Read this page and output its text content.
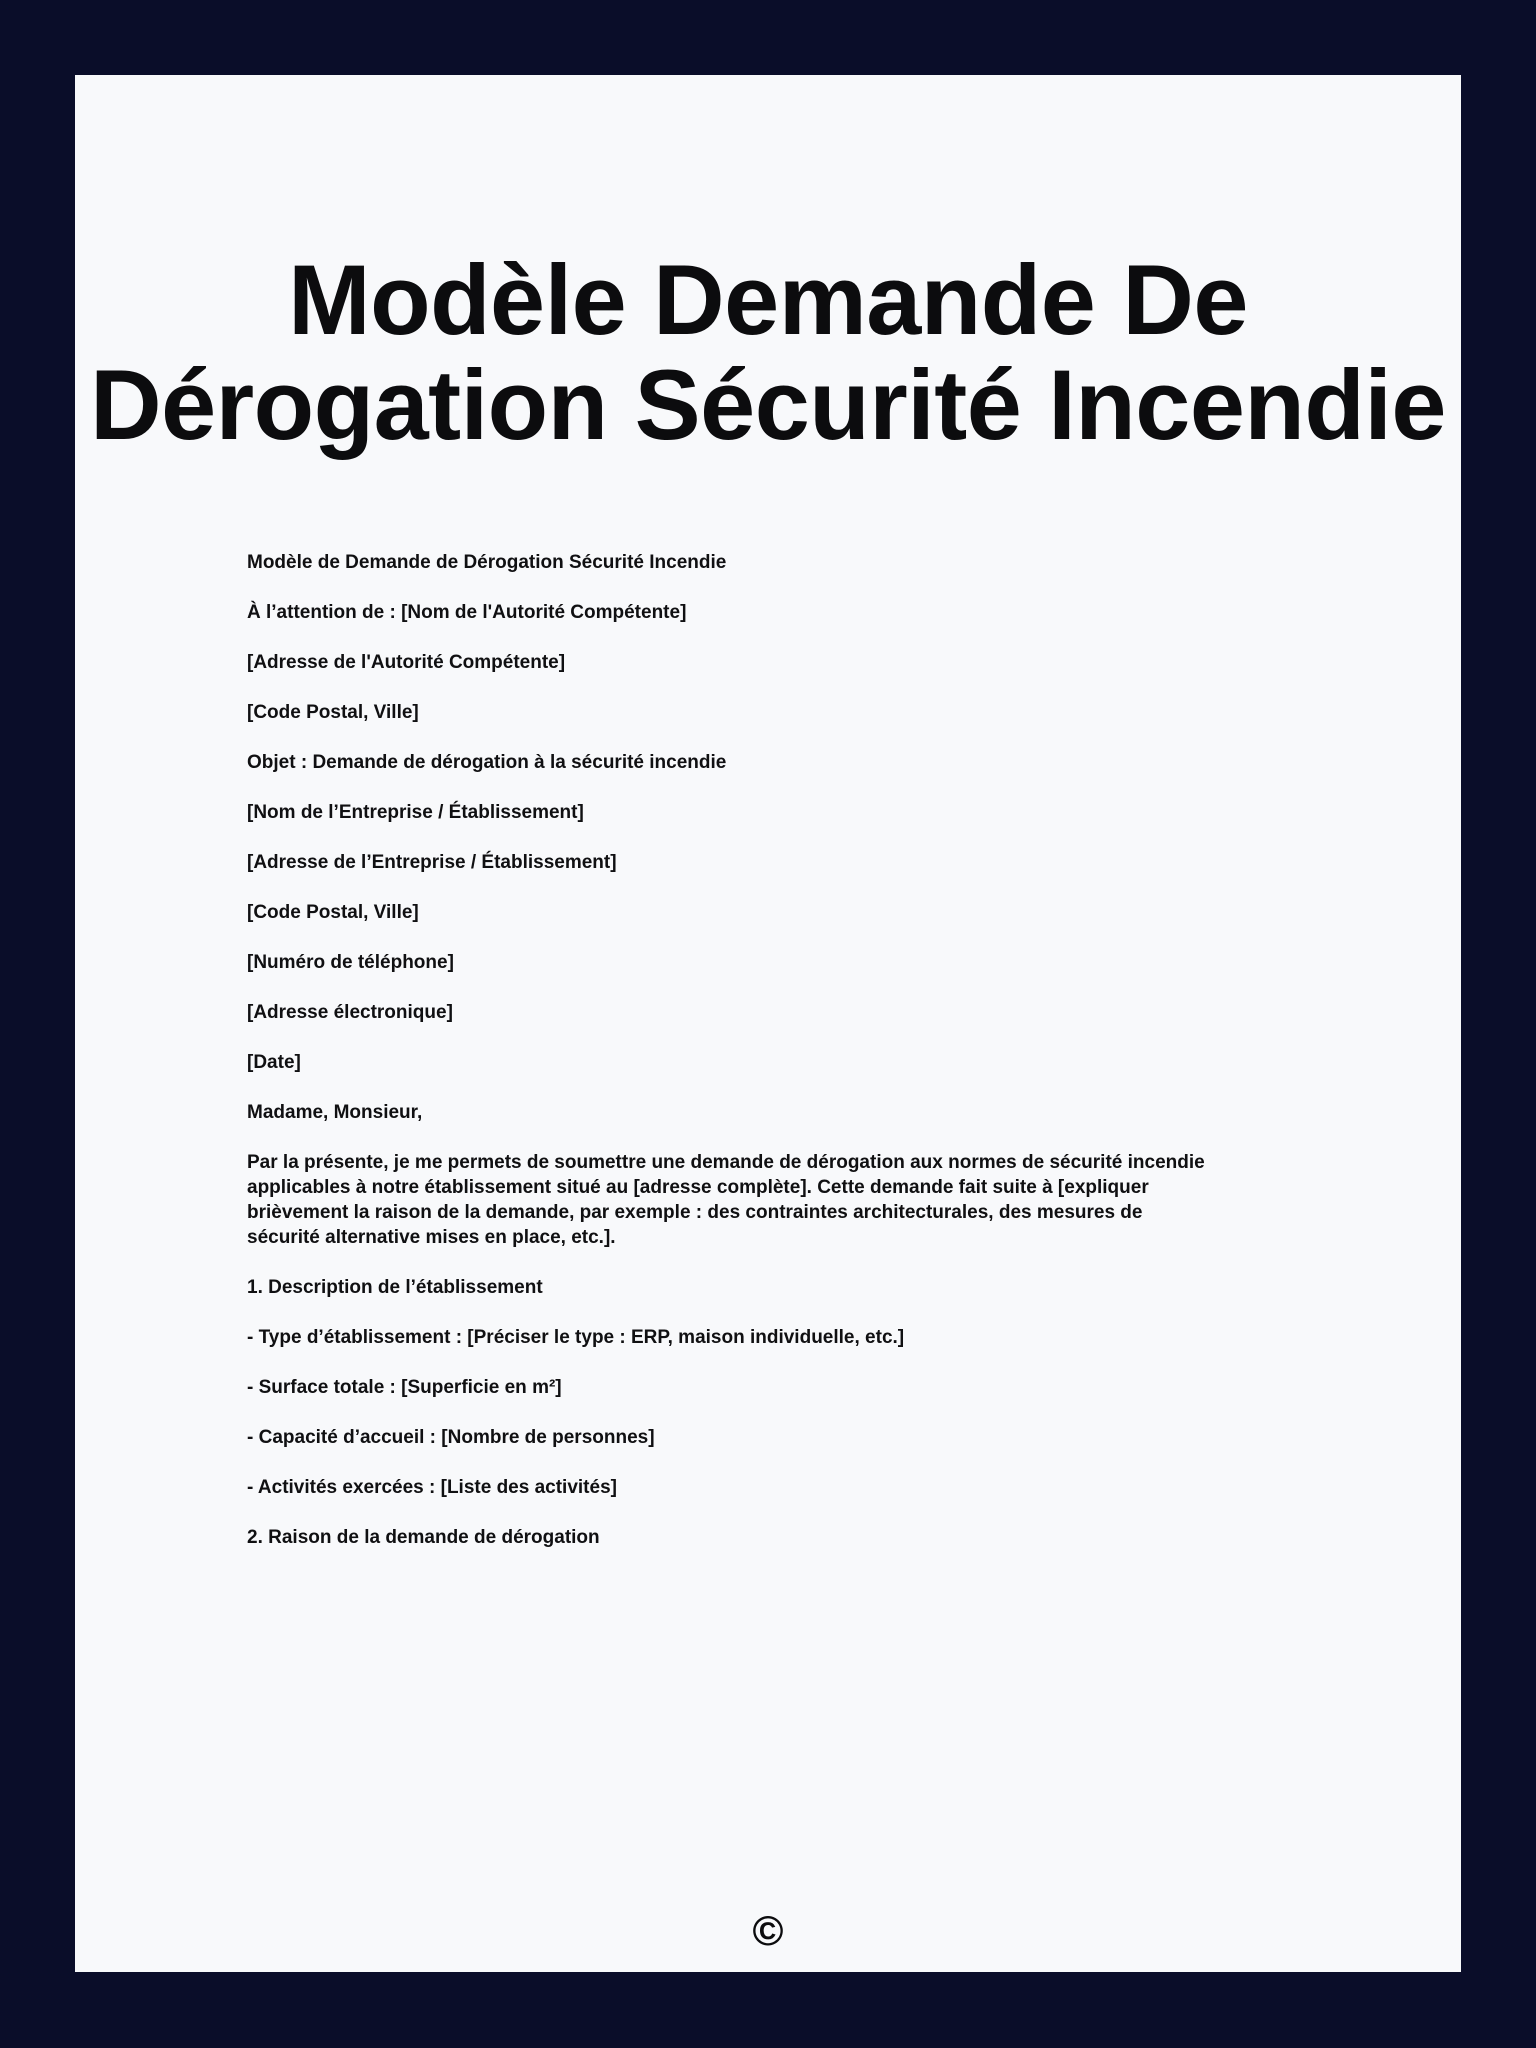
Modèle Demande De
Dérogation Sécurité Incendie

Modèle de Demande de Dérogation Sécurité Incendie

À l’attention de : [Nom de l'Autorité Compétente]

[Adresse de l'Autorité Compétente]

[Code Postal, Ville]

Objet : Demande de dérogation à la sécurité incendie

[Nom de l’Entreprise / Établissement]

[Adresse de l’Entreprise / Établissement]

[Code Postal, Ville]

[Numéro de téléphone]

[Adresse électronique]

[Date]

Madame, Monsieur,

Par la présente, je me permets de soumettre une demande de dérogation aux normes de sécurité incendie
applicables à notre établissement situé au [adresse complète]. Cette demande fait suite à [expliquer
brièvement la raison de la demande, par exemple : des contraintes architecturales, des mesures de
sécurité alternative mises en place, etc.].

1. Description de l’établissement

- Type d’établissement : [Préciser le type : ERP, maison individuelle, etc.]

- Surface totale : [Superficie en m²]

- Capacité d’accueil : [Nombre de personnes]

- Activités exercées : [Liste des activités]

2. Raison de la demande de dérogation

©
